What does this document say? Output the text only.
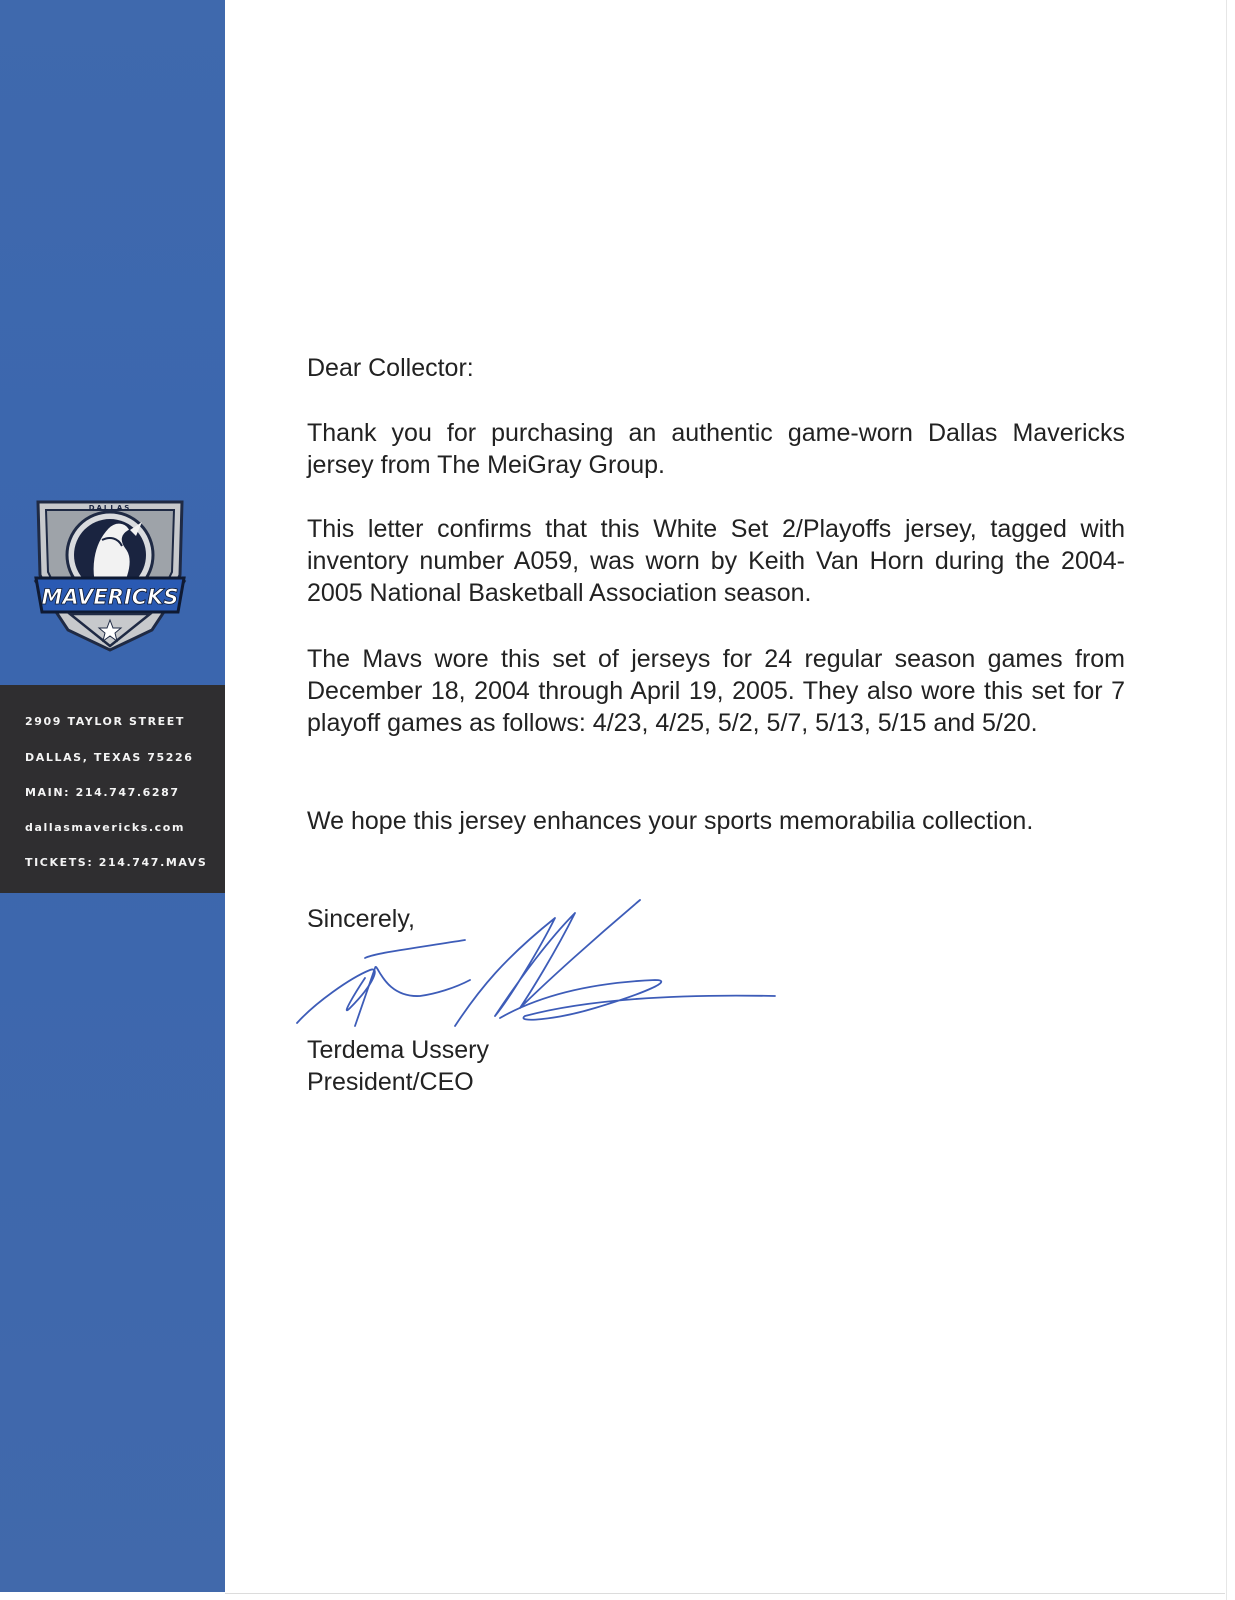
MAVERICKS
DALLAS
2909 TAYLOR STREET
DALLAS, TEXAS 75226
MAIN: 214.747.6287
dallasmavericks.com
TICKETS: 214.747.MAVS
Dear Collector:
Thank you for purchasing an authentic game-worn Dallas Mavericks jersey from The MeiGray Group.
This letter confirms that this White Set 2/Playoffs jersey, tagged with inventory number A059, was worn by Keith Van Horn during the 2004-2005 National Basketball Association season.
The Mavs wore this set of jerseys for 24 regular season games from December 18, 2004 through April 19, 2005. They also wore this set for 7 playoff games as follows: 4/23, 4/25, 5/2, 5/7, 5/13, 5/15 and 5/20.
We hope this jersey enhances your sports memorabilia collection.
Sincerely,
Terdema Ussery
President/CEO
